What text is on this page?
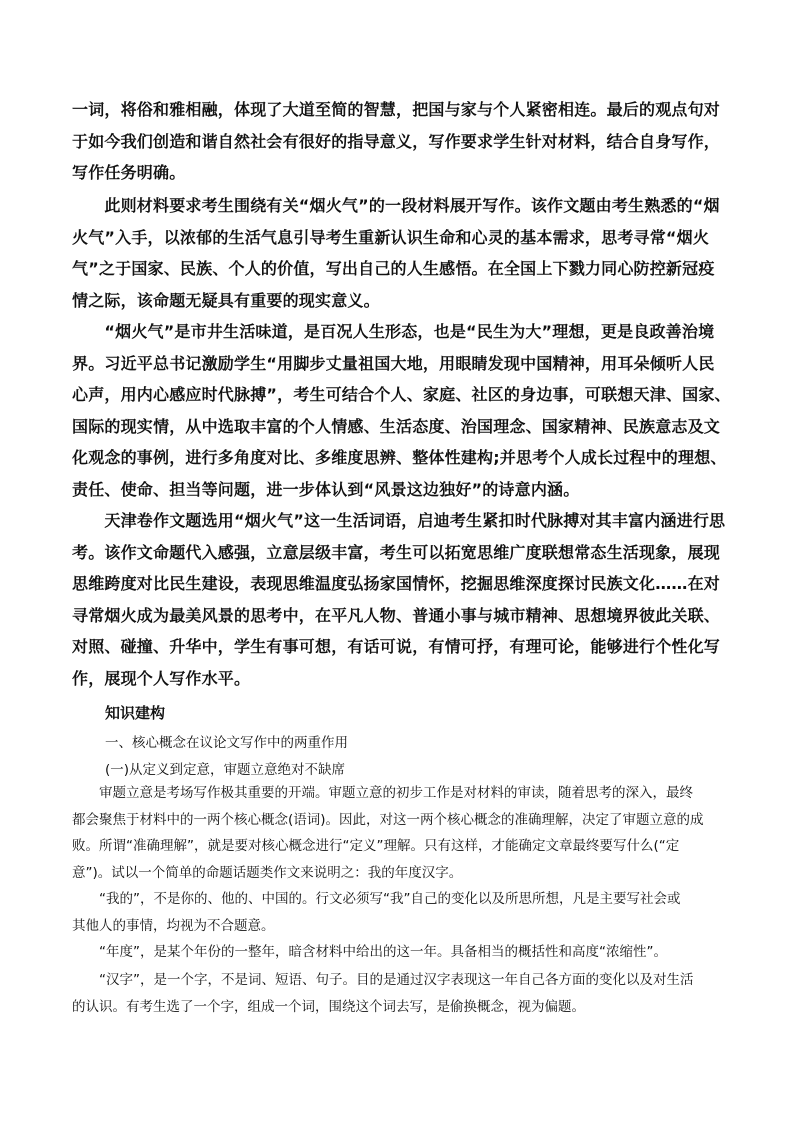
一词，将俗和雅相融，体现了大道至简的智慧，把国与家与个人紧密相连。最后的观点句对
于如今我们创造和谐自然社会有很好的指导意义，写作要求学生针对材料，结合自身写作，
写作任务明确。
　　此则材料要求考生围绕有关“烟火气”的一段材料展开写作。该作文题由考生熟悉的“烟
火气”入手，以浓郁的生活气息引导考生重新认识生命和心灵的基本需求，思考寻常“烟火
气”之于国家、民族、个人的价值，写出自己的人生感悟。在全国上下戮力同心防控新冠疫
情之际，该命题无疑具有重要的现实意义。
　　“烟火气”是市井生活味道，是百况人生形态，也是“民生为大”理想，更是良政善治境
界。习近平总书记激励学生“用脚步丈量祖国大地，用眼睛发现中国精神，用耳朵倾听人民
心声，用内心感应时代脉搏”，考生可结合个人、家庭、社区的身边事，可联想天津、国家、
国际的现实情，从中选取丰富的个人情感、生活态度、治国理念、国家精神、民族意志及文
化观念的事例，进行多角度对比、多维度思辨、整体性建构;并思考个人成长过程中的理想、
责任、使命、担当等问题，进一步体认到“风景这边独好”的诗意内涵。
　　天津卷作文题选用“烟火气”这一生活词语，启迪考生紧扣时代脉搏对其丰富内涵进行思
考。该作文命题代入感强，立意层级丰富，考生可以拓宽思维广度联想常态生活现象，展现
思维跨度对比民生建设，表现思维温度弘扬家国情怀，挖掘思维深度探讨民族文化……在对
寻常烟火成为最美风景的思考中，在平凡人物、普通小事与城市精神、思想境界彼此关联、
对照、碰撞、升华中，学生有事可想，有话可说，有情可抒，有理可论，能够进行个性化写
作，展现个人写作水平。
知识建构
一、核心概念在议论文写作中的两重作用
(一)从定义到定意，审题立意绝对不缺席
　　审题立意是考场写作极其重要的开端。审题立意的初步工作是对材料的审读，随着思考的深入，最终
都会聚焦于材料中的一两个核心概念(语词)。因此，对这一两个核心概念的准确理解，决定了审题立意的成
败。所谓“准确理解”，就是要对核心概念进行“定义”理解。只有这样，才能确定文章最终要写什么(“定
意”)。试以一个简单的命题话题类作文来说明之：我的年度汉字。
　　“我的”，不是你的、他的、中国的。行文必须写“我”自己的变化以及所思所想，凡是主要写社会或
其他人的事情，均视为不合题意。
　　“年度”，是某个年份的一整年，暗含材料中给出的这一年。具备相当的概括性和高度“浓缩性”。
　　“汉字”，是一个字，不是词、短语、句子。目的是通过汉字表现这一年自己各方面的变化以及对生活
的认识。有考生选了一个字，组成一个词，围绕这个词去写，是偷换概念，视为偏题。
